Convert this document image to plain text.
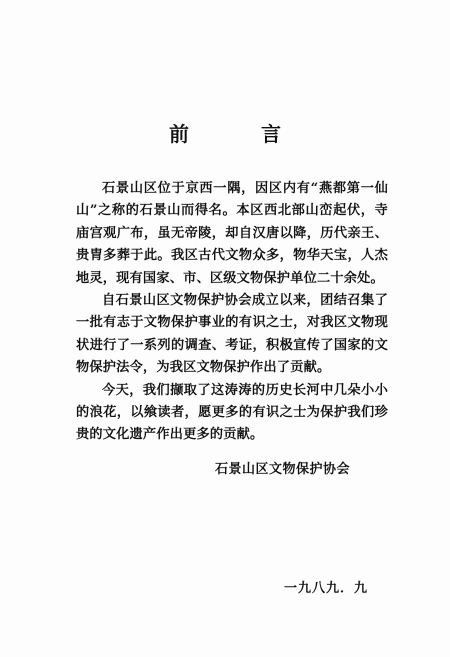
前　言

石景山区位于京西一隅，因区内有“燕都第一仙山”之称的石景山而得名。本区西北部山峦起伏，寺庙宫观广布，虽无帝陵，却自汉唐以降，历代亲王、贵胄多葬于此。我区古代文物众多，物华天宝，人杰地灵，现有国家、市、区级文物保护单位二十余处。

自石景山区文物保护协会成立以来，团结召集了一批有志于文物保护事业的有识之士，对我区文物现状进行了一系列的调查、考证，积极宣传了国家的文物保护法令，为我区文物保护作出了贡献。

今天，我们撷取了这涛涛的历史长河中几朵小小的浪花，以飨读者，愿更多的有识之士为保护我们珍贵的文化遗产作出更多的贡献。

石景山区文物保护协会
一九八九．九
